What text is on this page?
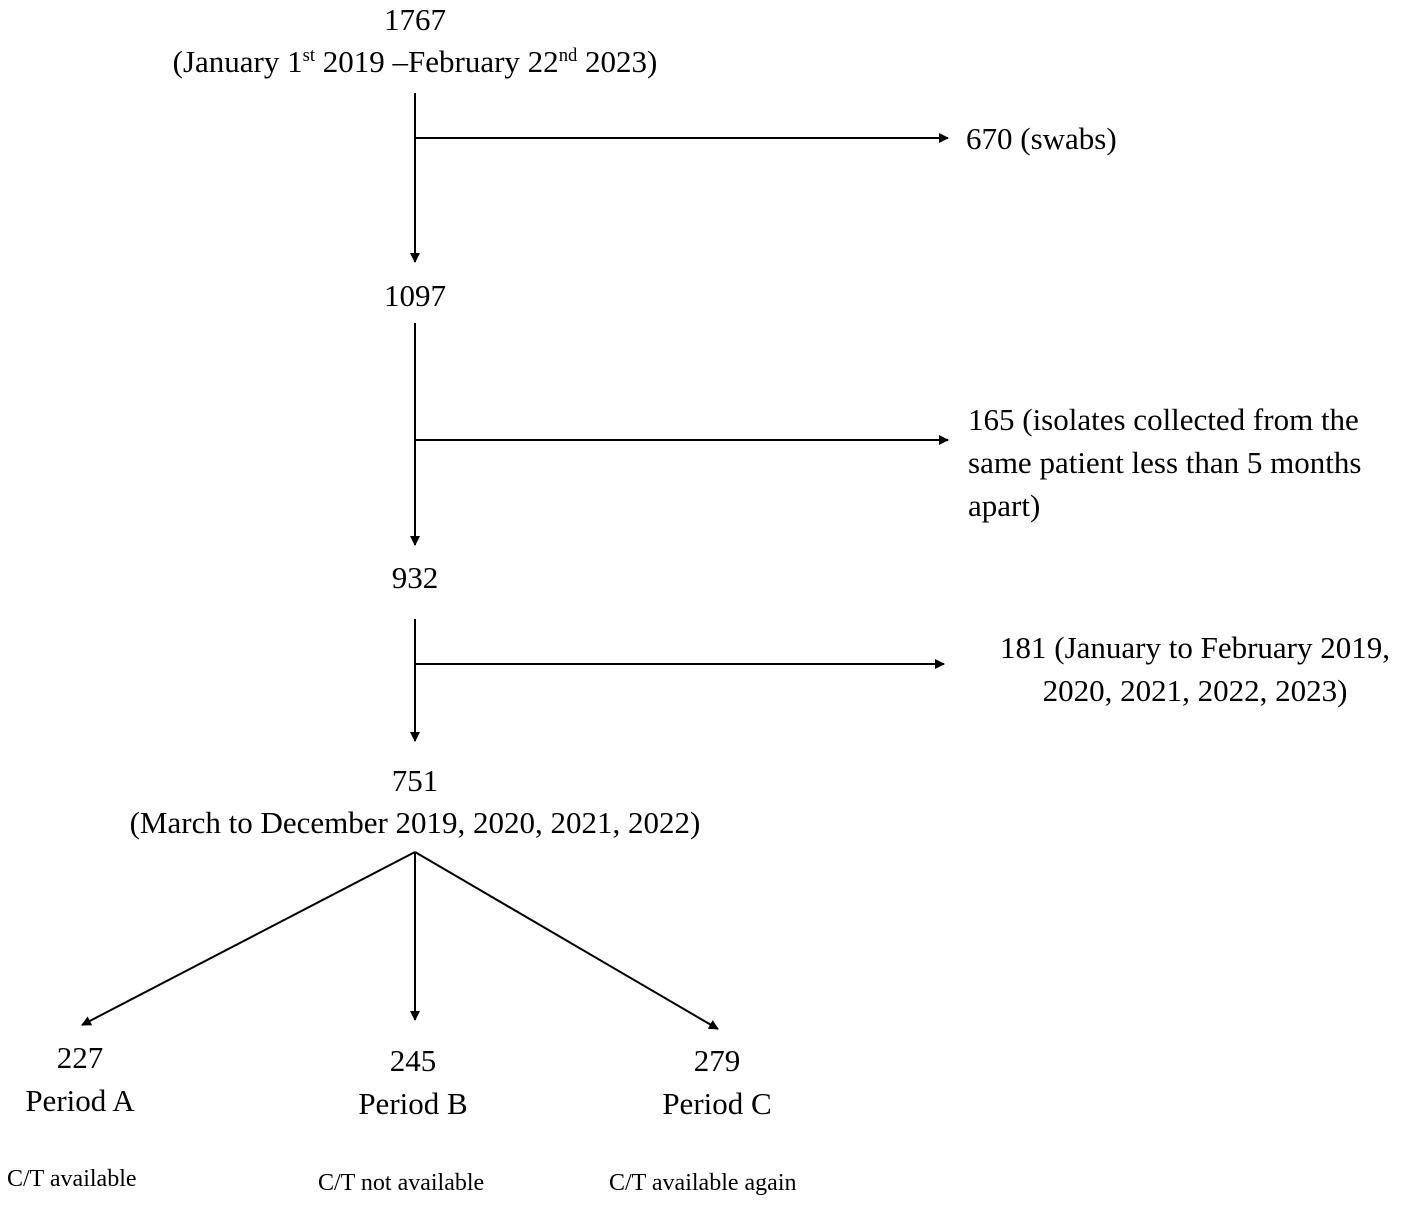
1767
(January 1st 2019 –February 22nd 2023)
670 (swabs)
1097
165 (isolates collected from the
same patient less than 5 months
apart)
932
181 (January to February 2019,
2020, 2021, 2022, 2023)
751
(March to December 2019, 2020, 2021, 2022)
227
Period A
C/T available
245
Period B
C/T not available
279
Period C
C/T available again
